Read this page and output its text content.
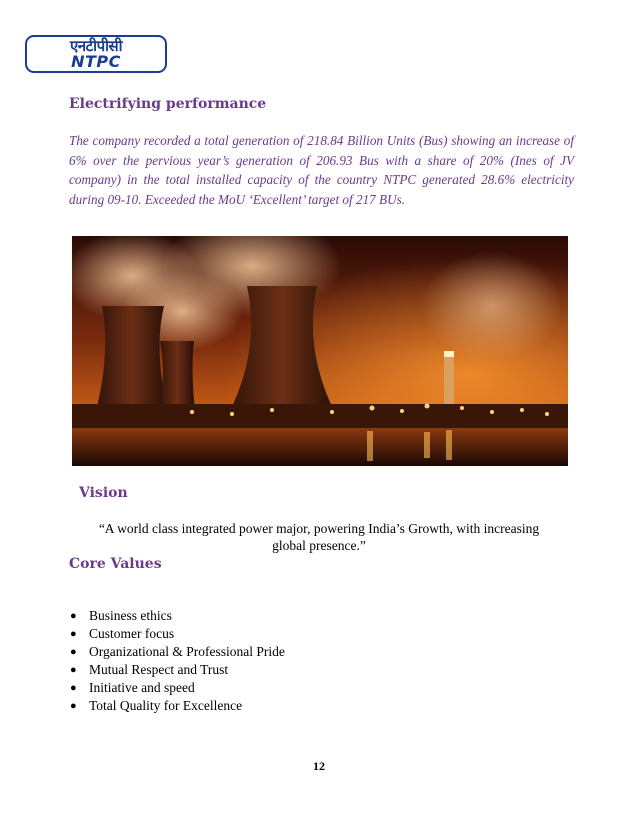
एनटीपीसी
NTPC
Electrifying performance
The company recorded a total generation of 218.84 Billion Units (Bus) showing an increase of 6% over the pervious year’s generation of 206.93 Bus with a share of 20% (Ines of JV company) in the total installed capacity of the country NTPC generated 28.6% electricity during 09-10. Exceeded the MoU ‘Excellent’ target of 217 BUs.
Vision
“A world class integrated power major, powering India’s Growth, with increasing global presence.”
Core Values
● Business ethics
● Customer focus
● Organizational & Professional Pride
● Mutual Respect and Trust
● Initiative and speed
● Total Quality for Excellence
12
